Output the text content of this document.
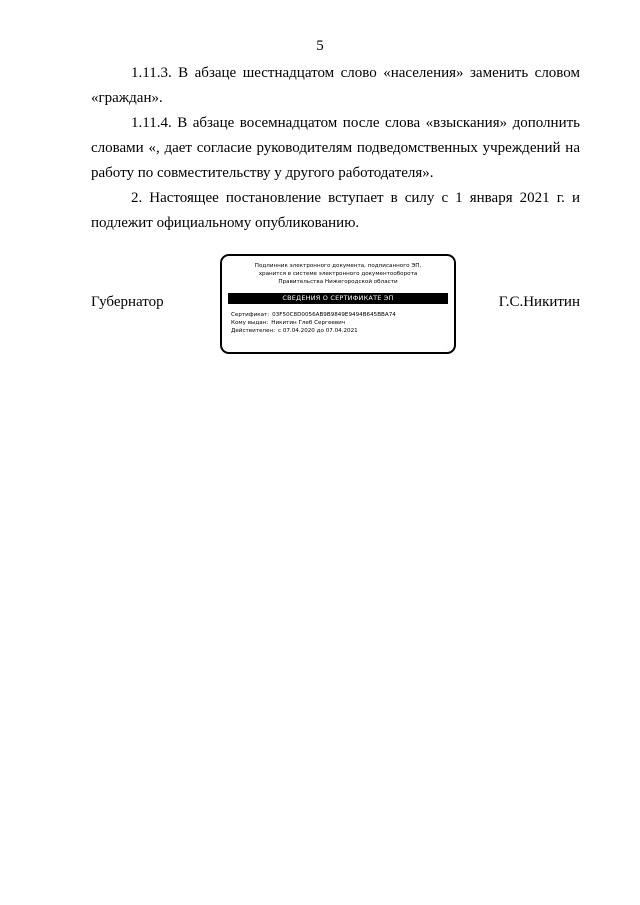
5

1.11.3. В абзаце шестнадцатом слово «населения» заменить словом «граждан».

1.11.4. В абзаце восемнадцатом после слова «взыскания» дополнить словами «, дает согласие руководителям подведомственных учреждений на работу по совместительству у другого работодателя».

2. Настоящее постановление вступает в силу с 1 января 2021 г. и подлежит официальному опубликованию.

Губернатор
Подлинник электронного документа, подписанного ЭП,
хранится в системе электронного документооборота
Правительства Нижегородской области
СВЕДЕНИЯ О СЕРТИФИКАТЕ ЭП
Сертификат: 03F50C8D0056AB9B9849E9494B645BBA74
Кому выдан: Никитин Глеб Сергеевич
Действителен: с 07.04.2020 до 07.04.2021
Г.С.Никитин
